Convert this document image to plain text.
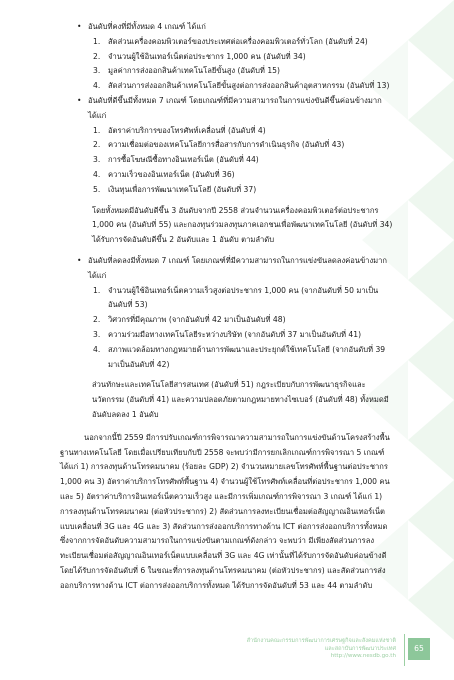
• อันดับที่คงที่มีทั้งหมด 4 เกณฑ์ ได้แก่
1. สัดส่วนเครื่องคอมพิวเตอร์ของประเทศต่อเครื่องคอมพิวเตอร์ทั่วโลก (อันดับที่ 24)
2. จำนวนผู้ใช้อินเทอร์เน็ตต่อประชากร 1,000 คน (อันดับที่ 34)
3. มูลค่าการส่งออกสินค้าเทคโนโลยีขั้นสูง (อันดับที่ 15)
4. สัดส่วนการส่งออกสินค้าเทคโนโลยีขั้นสูงต่อการส่งออกสินค้าอุตสาหกรรม (อันดับที่ 13)
• อันดับที่ดีขึ้นมีทั้งหมด 7 เกณฑ์ โดยเกณฑ์ที่มีความสามารถในการแข่งขันดีขึ้นค่อนข้างมาก ได้แก่
1. อัตราค่าบริการของโทรศัพท์เคลื่อนที่ (อันดับที่ 4)
2. ความเชื่อมต่อของเทคโนโลยีการสื่อสารกับการดำเนินธุรกิจ (อันดับที่ 43)
3. การซื้อโฆษณีซื้อทางอินเทอร์เน็ต (อันดับที่ 44)
4. ความเร็วของอินเทอร์เน็ต (อันดับที่ 36)
5. เงินทุนเพื่อการพัฒนาเทคโนโลยี (อันดับที่ 37)
โดยทั้งหมดมีอันดับดีขึ้น 3 อันดับจากปี 2558 ส่วนจำนวนเครื่องคอมพิวเตอร์ต่อประชากร 1,000 คน (อันดับที่ 55) และกองทุนร่วมลงทุนภาคเอกชนเพื่อพัฒนาเทคโนโลยี (อันดับที่ 34) ได้รับการจัดอันดับดีขึ้น 2 อันดับและ 1 อันดับ ตามลำดับ
• อันดับที่ลดลงมีทั้งหมด 7 เกณฑ์ โดยเกณฑ์ที่มีความสามารถในการแข่งขันลดลงค่อนข้างมาก ได้แก่
1. จำนวนผู้ใช้อินเทอร์เน็ตความเร็วสูงต่อประชากร 1,000 คน (จากอันดับที่ 50 มาเป็นอันดับที่ 53)
2. วิศวกรที่มีคุณภาพ (จากอันดับที่ 42 มาเป็นอันดับที่ 48)
3. ความร่วมมือทางเทคโนโลยีระหว่างบริษัท (จากอันดับที่ 37 มาเป็นอันดับที่ 41)
4. สภาพแวดล้อมทางกฎหมายด้านการพัฒนาและประยุกต์ใช้เทคโนโลยี (จากอันดับที่ 39 มาเป็นอันดับที่ 42)
ส่วนทักษะและเทคโนโลยีสารสนเทศ (อันดับที่ 51) กฎระเบียบกับการพัฒนาธุรกิจและนวัตกรรม (อันดับที่ 41) และความปลอดภัยตามกฎหมายทางไซเบอร์ (อันดับที่ 48) ทั้งหมดมีอันดับลดลง 1 อันดับ
นอกจากนี้ปี 2559 มีการปรับเกณฑ์การพิจารณาความสามารถในการแข่งขันด้านโครงสร้างพื้นฐานทางเทคโนโลยี โดยเมื่อเปรียบเทียบกับปี 2558 จะพบว่ามีการยกเลิกเกณฑ์การพิจารณา 5 เกณฑ์ ได้แก่ 1) การลงทุนด้านโทรคมนาคม (ร้อยละ GDP) 2) จำนวนหมายเลขโทรศัพท์พื้นฐานต่อประชากร 1,000 คน 3) อัตราค่าบริการโทรศัพท์พื้นฐาน 4) จำนวนผู้ใช้โทรศัพท์เคลื่อนที่ต่อประชากร 1,000 คน และ 5) อัตราค่าบริการอินเทอร์เน็ตความเร็วสูง และมีการเพิ่มเกณฑ์การพิจารณา 3 เกณฑ์ ได้แก่ 1) การลงทุนด้านโทรคมนาคม (ต่อหัวประชากร) 2) สัดส่วนการลงทะเบียนเชื่อมต่อสัญญาณอินเทอร์เน็ตแบบเคลื่อนที่ 3G และ 4G และ 3) สัดส่วนการส่งออกบริการทางด้าน ICT ต่อการส่งออกบริการทั้งหมด ซึ่งจากการจัดอันดับความสามารถในการแข่งขันตามเกณฑ์ดังกล่าว จะพบว่า มีเพียงสัดส่วนการลงทะเบียนเชื่อมต่อสัญญาณอินเทอร์เน็ตแบบเคลื่อนที่ 3G และ 4G เท่านั้นที่ได้รับการจัดอันดับค่อนข้างดี โดยได้รับการจัดอันดับที่ 6 ในขณะที่การลงทุนด้านโทรคมนาคม (ต่อหัวประชากร) และสัดส่วนการส่งออกบริการทางด้าน ICT ต่อการส่งออกบริการทั้งหมด ได้รับการจัดอันดับที่ 53 และ 44 ตามลำดับ
สำนักงานคณะกรรมการพัฒนาการเศรษฐกิจและสังคมแห่งชาติ
และสถาบันการพัฒนาประเทศ
http://www.nesdb.go.th
65
